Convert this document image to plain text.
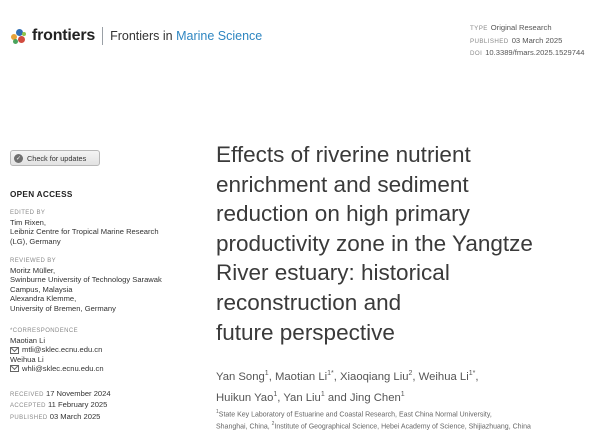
frontiers Frontiers in Marine Science
TYPE Original Research
PUBLISHED 03 March 2025
DOI 10.3389/fmars.2025.1529744
✓ Check for updates
OPEN ACCESS
EDITED BY
Tim Rixen,
Leibniz Centre for Tropical Marine Research
(LG), Germany
REVIEWED BY
Moritz Müller,
Swinburne University of Technology Sarawak
Campus, Malaysia
Alexandra Klemme,
University of Bremen, Germany
*CORRESPONDENCE
Maotian Li
mtli@sklec.ecnu.edu.cn
Weihua Li
whli@sklec.ecnu.edu.cn
RECEIVED 17 November 2024
ACCEPTED 11 February 2025
PUBLISHED 03 March 2025
Effects of riverine nutrient
enrichment and sediment
reduction on high primary
productivity zone in the Yangtze
River estuary: historical
reconstruction and
future perspective
Yan Song$^1$, Maotian $Li^{1*}$, Xiaoqiang Liu$^2$, Weihua $Li^{1*}$,
Huikun Yao$^1$, Yan Liu$^1$ and Jing Chen$^1$
$^1$State Key Laboratory of Estuarine and Coastal Research, East China Normal University,
Shanghai, China, $^2$Institute of Geographical Science, Hebei Academy of Science, Shijiazhuang, China
